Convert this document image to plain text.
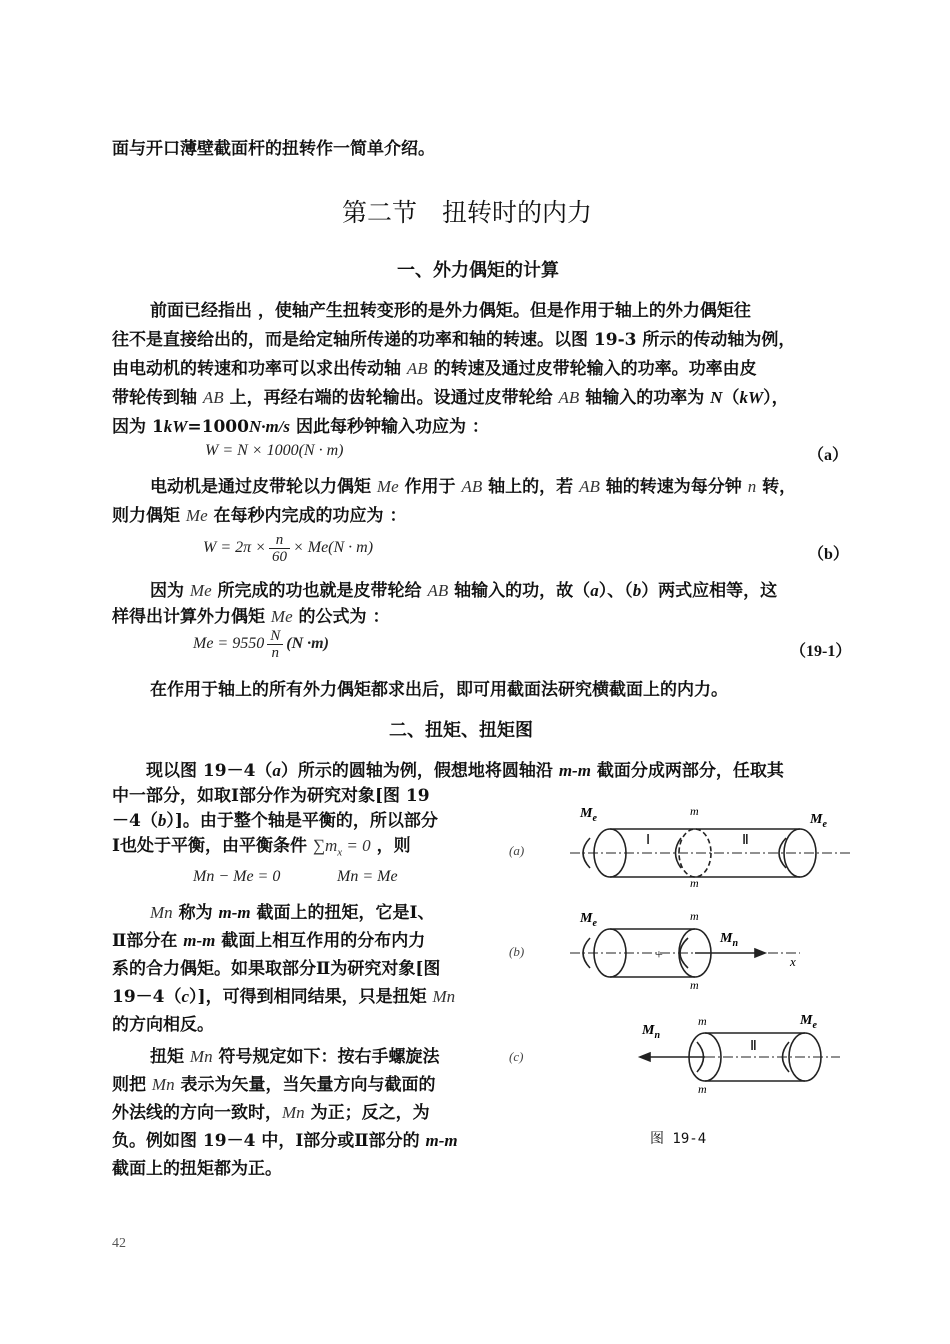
面与开口薄壁截面杆的扭转作一简单介绍。
第二节　扭转时的内力
一、外力偶矩的计算
前面已经指出 ，使轴产生扭转变形的是外力偶矩。但是作用于轴上的外力偶矩往
往不是直接给出的，而是给定轴所传递的功率和轴的转速。以图 19-3 所示的传动轴为例，
由电动机的转速和功率可以求出传动轴 AB 的转速及通过皮带轮输入的功率。功率由皮
带轮传到轴 AB 上，再经右端的齿轮输出。设通过皮带轮给 AB 轴输入的功率为 N（kW），
因为 1kW=1000N·m/s 因此每秒钟输入功应为 ：
W = N × 1000(N · m)	（a）
电动机是通过皮带轮以力偶矩 Me 作用于 AB 轴上的，若 AB 轴的转速为每分钟 n 转，
则力偶矩 Me 在每秒内完成的功应为 ：
$W = 2\pi \times \frac{n}{60} \times Me(N \cdot m)$	（b）
因为 Me 所完成的功也就是皮带轮给 AB 轴输入的功，故（a）、（b）两式应相等，这
样得出计算外力偶矩 Me 的公式为 ：
$Me = 9550 \frac{N}{n} (N \cdot m)$	（19-1）
在作用于轴上的所有外力偶矩都求出后，即可用截面法研究横截面上的内力。
二、扭矩、扭矩图
现以图 19－4（a）所示的圆轴为例，假想地将圆轴沿 m-m 截面分成两部分，任取其
中一部分，如取Ⅰ部分作为研究对象[图 19
－4（b）]。由于整个轴是平衡的，所以部分
Ⅰ也处于平衡，由平衡条件 $\sum m_x = 0$ ，则
Mn − Me = 0	Mn = Me
Mn 称为 m-m 截面上的扭矩，它是Ⅰ、
Ⅱ部分在 m-m 截面上相互作用的分布内力
系的合力偶矩。如果取部分Ⅱ为研究对象[图
19－4（c）]，可得到相同结果，只是扭矩 Mn
的方向相反。
扭矩 Mn 符号规定如下：按右手螺旋法
则把 Mn 表示为矢量，当矢量方向与截面的
外法线的方向一致时，Mn 为正；反之，为
负。例如图 19－4 中，Ⅰ部分或Ⅱ部分的 m-m
截面上的扭矩都为正。
(a)
(b)
(c)
$M_e$	$M_e$
m
m
Ⅰ	Ⅱ
+
$M_e$
$M_n$
m
m
x
$M_n$
$M_e$
m
m
Ⅱ
图 19-4
42
